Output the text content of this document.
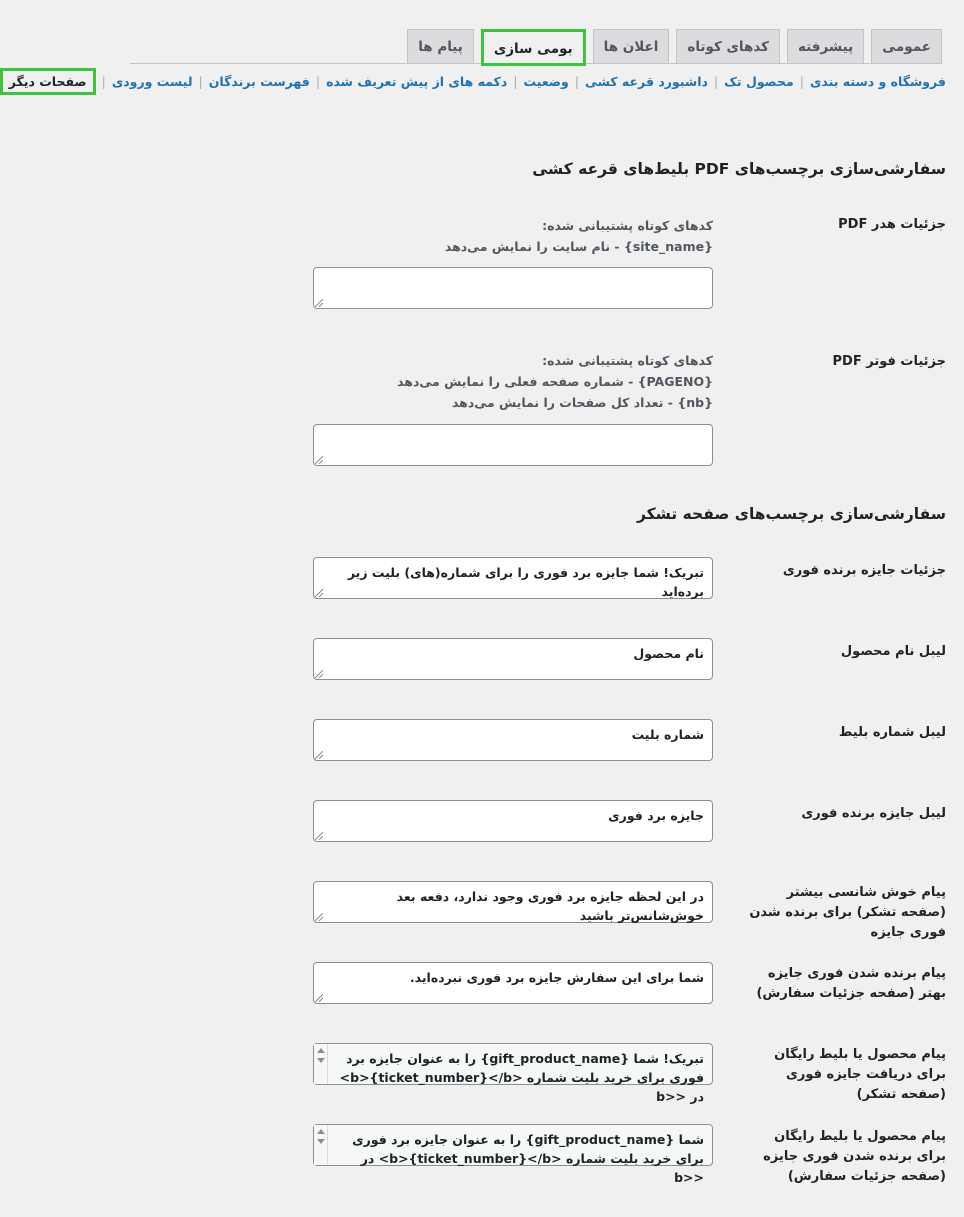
عمومی
پیشرفته
کدهای کوتاه
اعلان ها
بومی سازی
پیام ها
فروشگاه و دسته بندی
|
محصول تک
|
داشبورد قرعه کشی
|
وضعیت
|
دکمه های از پیش تعریف شده
|
فهرست برندگان
|
لیست ورودی
|
صفحات دیگر
سفارشی‌سازی برچسب‌های PDF بلیط‌های قرعه کشی
جزئیات هدر PDF
کدهای کوتاه پشتیبانی شده:
{site_name} - نام سایت را نمایش می‌دهد
جزئیات فوتر PDF
کدهای کوتاه پشتیبانی شده:
{PAGENO} - شماره صفحه فعلی را نمایش می‌دهد
{nb} - تعداد کل صفحات را نمایش می‌دهد
سفارشی‌سازی برچسب‌های صفحه تشکر
جزئیات جایزه برنده فوری
تبریک! شما جایزه برد فوری را برای شماره(های) بلیت زیر برده‌اید
لیبل نام محصول
نام محصول
لیبل شماره بلیط
شماره بلیت
لیبل جایزه برنده فوری
جایزه برد فوری
پیام خوش شانسی بیشتر (صفحه تشکر) برای برنده شدن فوری جایزه
در این لحظه جایزه برد فوری وجود ندارد، دفعه بعد خوش‌شانس‌تر باشید
پیام برنده شدن فوری جایزه بهتر (صفحه جزئیات سفارش)
شما برای این سفارش جایزه برد فوری نبرده‌اید.
پیام محصول یا بلیط رایگان برای دریافت جایزه فوری (صفحه تشکر)
تبریک! شما {gift_product_name} را به عنوان جایزه برد فوری برای خرید بلیت شماره <b>{ticket_number}</b> در <<b
پیام محصول یا بلیط رایگان برای برنده شدن فوری جایزه (صفحه جزئیات سفارش)
شما {gift_product_name} را به عنوان جایزه برد فوری برای خرید بلیت شماره <b>{ticket_number}</b> در <<b
